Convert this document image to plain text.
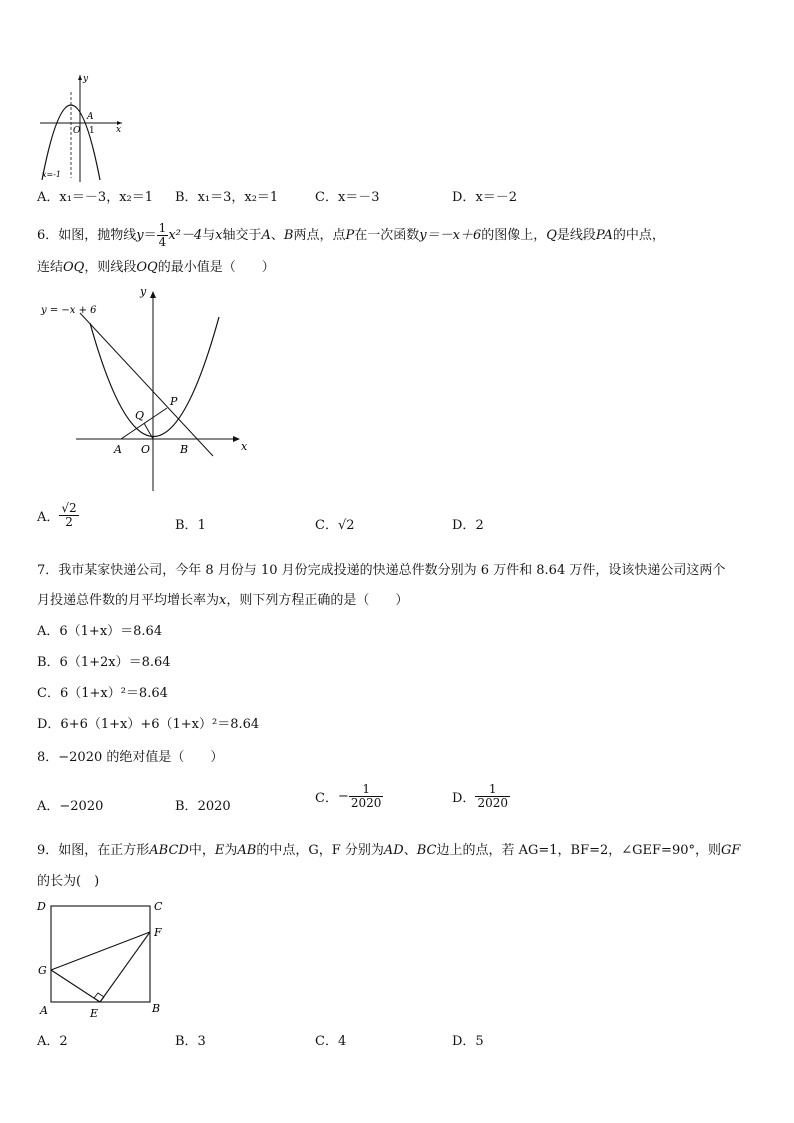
y
x
O
A
1
x=-1
A．x₁＝－3，x₂＝1 B．x₁＝3，x₂＝1	C．x＝－3	D．x＝－2
6．如图，抛物线$y= \frac{1}{4} x^2-4$与x轴交于A、B两点，点P在一次函数y＝－x＋6的图像上，Q是线段PA的中点，
连结OQ，则线段OQ的最小值是（　　）
y = −x + 6
y
x
P
Q
A O	B
A． $\frac{√2}{2}$	B．1	C．√2	D．2
7．我市某家快递公司，今年 8 月份与 10 月份完成投递的快递总件数分别为 6 万件和 8.64 万件，设该快递公司这两个
月投递总件数的月平均增长率为x，则下列方程正确的是（　　）
A．6（1+x）＝8.64
B．6（1+2x）＝8.64
C．6（1+x）²＝8.64
D．6+6（1+x）+6（1+x）²＝8.64
8．−2020 的绝对值是（　　）
A．−2020	B．2020
C．− $\frac{1}{2020}$	D． $\frac{1}{2020}$
9．如图，在正方形ABCD中，E为AB的中点，G，F 分别为AD、BC边上的点，若 AG=1，BF=2，∠GEF=90°，则GF
的长为(　)
D	C
F
G
A	E	B
A．2	B．3	C．4	D．5
